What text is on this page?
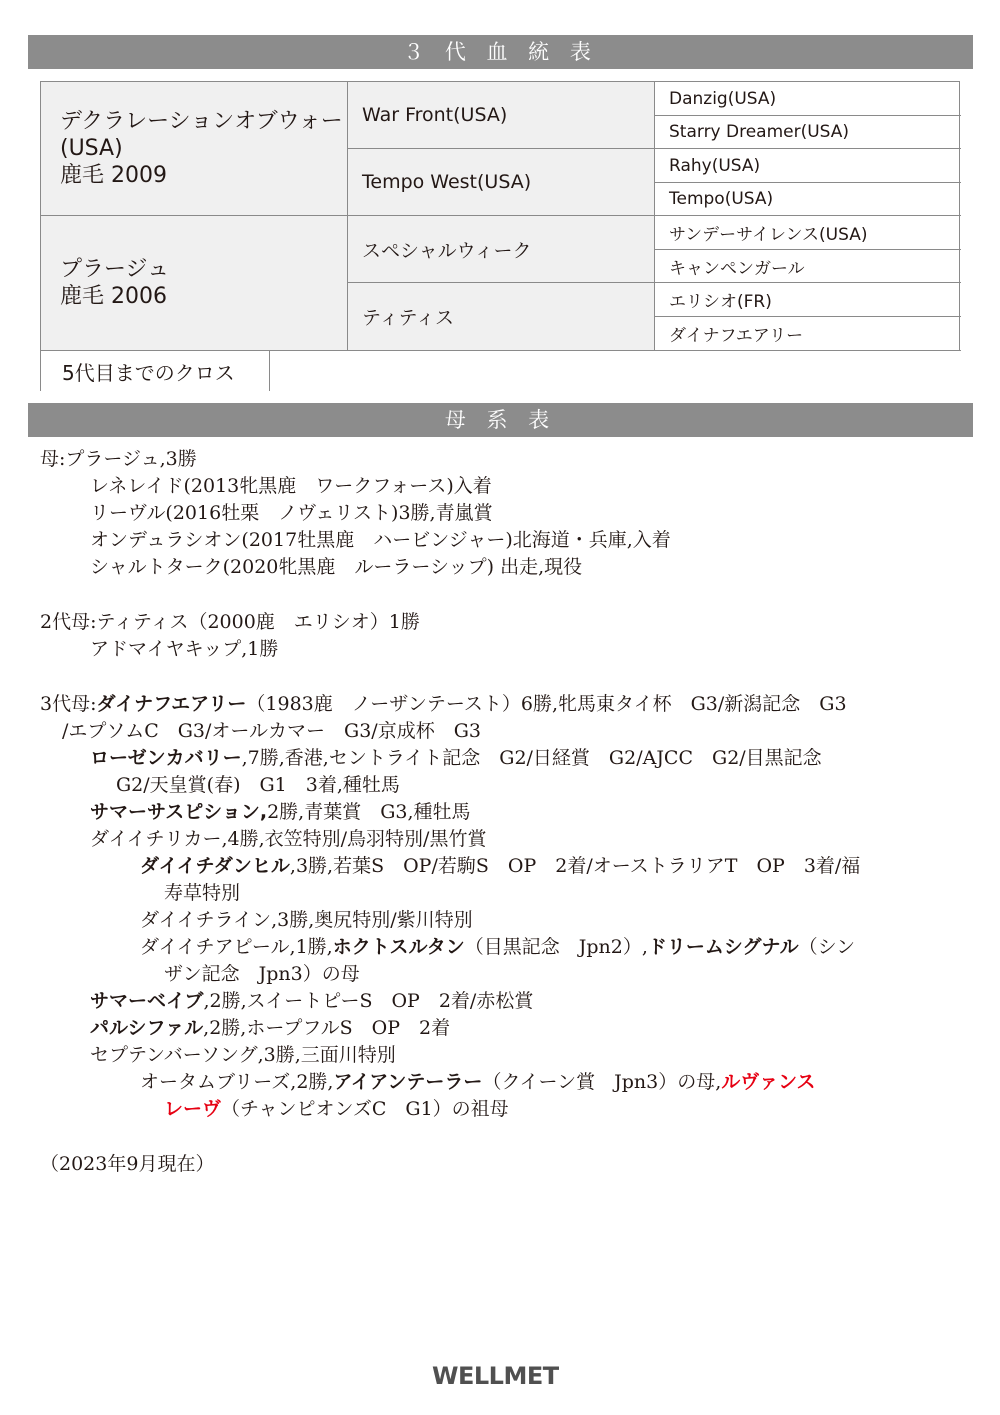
３ 代 血 統 表
デクラレーションオブウォー
(USA)
鹿毛 2009
プラージュ
鹿毛 2006
War Front(USA)
Tempo West(USA)
スペシャルウィーク
ティティス
Danzig(USA)
Starry Dreamer(USA)
Rahy(USA)
Tempo(USA)
サンデーサイレンス(USA)
キャンペンガール
エリシオ(FR)
ダイナフエアリー
5代目までのクロス
母 系 表
母:プラージュ,3勝
レネレイド(2013牝黒鹿　ワークフォース)入着
リーヴル(2016牡栗　ノヴェリスト)3勝,青嵐賞
オンデュラシオン(2017牡黒鹿　ハービンジャー)北海道・兵庫,入着
シャルトターク(2020牝黒鹿　ルーラーシップ) 出走,現役
2代母:ティティス（2000鹿　エリシオ）1勝
アドマイヤキップ,1勝
3代母:ダイナフエアリー（1983鹿　ノーザンテースト）6勝,牝馬東タイ杯　G3/新潟記念　G3
/エプソムC　G3/オールカマー　G3/京成杯　G3
ローゼンカバリー,7勝,香港,セントライト記念　G2/日経賞　G2/AJCC　G2/目黒記念
G2/天皇賞(春)　G1　3着,種牡馬
サマーサスピション,2勝,青葉賞　G3,種牡馬
ダイイチリカー,4勝,衣笠特別/鳥羽特別/黒竹賞
ダイイチダンヒル,3勝,若葉S　OP/若駒S　OP　2着/オーストラリアT　OP　3着/福
寿草特別
ダイイチライン,3勝,奥尻特別/紫川特別
ダイイチアピール,1勝,ホクトスルタン（目黒記念　Jpn2）,ドリームシグナル（シン
ザン記念　Jpn3）の母
サマーベイブ,2勝,スイートピーS　OP　2着/赤松賞
パルシファル,2勝,ホープフルS　OP　2着
セプテンバーソング,3勝,三面川特別
オータムブリーズ,2勝,アイアンテーラー（クイーン賞　Jpn3）の母,ルヴァンス
レーヴ（チャンピオンズC　G1）の祖母
（2023年9月現在）
WELLMET
